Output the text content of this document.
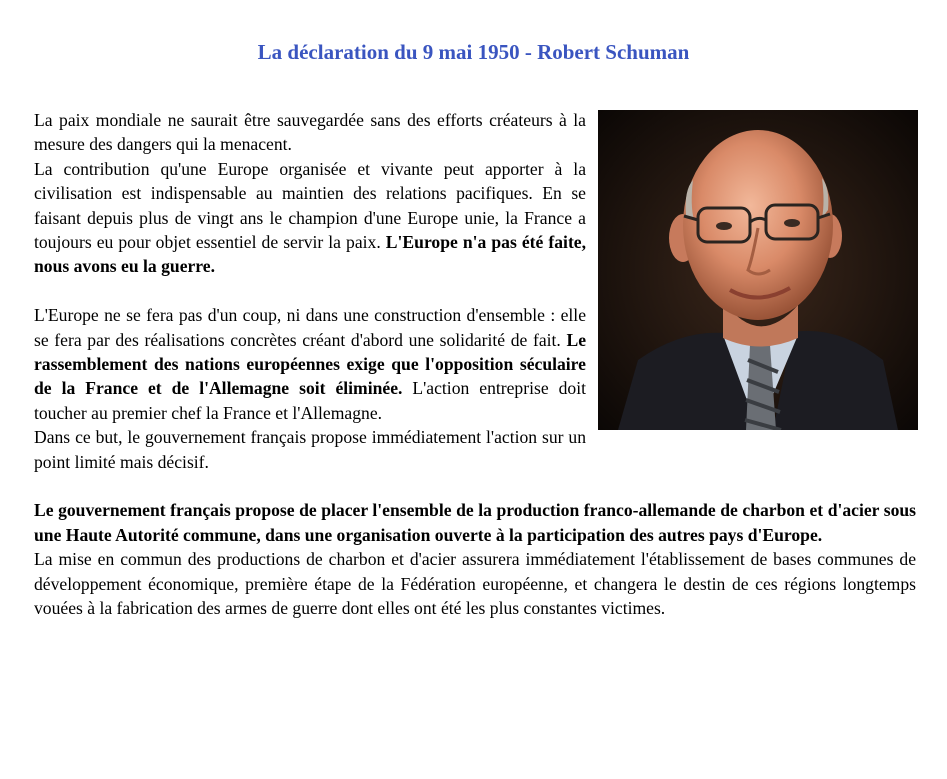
La déclaration du 9 mai 1950 - Robert Schuman

La paix mondiale ne saurait être sauvegardée sans des efforts créateurs à la mesure des dangers qui la menacent.

La contribution qu'une Europe organisée et vivante peut apporter à la civilisation est indispensable au maintien des relations pacifiques. En se faisant depuis plus de vingt ans le champion d'une Europe unie, la France a toujours eu pour objet essentiel de servir la paix. L'Europe n'a pas été faite, nous avons eu la guerre.

L'Europe ne se fera pas d'un coup, ni dans une construction d'ensemble : elle se fera par des réalisations concrètes créant d'abord une solidarité de fait. Le rassemblement des nations européennes exige que l'opposition séculaire de la France et de l'Allemagne soit éliminée. L'action entreprise doit toucher au premier chef la France et l'Allemagne.

Dans ce but, le gouvernement français propose immédiatement l'action sur un point limité mais décisif.

Le gouvernement français propose de placer l'ensemble de la production franco-allemande de charbon et d'acier sous une Haute Autorité commune, dans une organisation ouverte à la participation des autres pays d'Europe.

La mise en commun des productions de charbon et d'acier assurera immédiatement l'établissement de bases communes de développement économique, première étape de la Fédération européenne, et changera le destin de ces régions longtemps vouées à la fabrication des armes de guerre dont elles ont été les plus constantes victimes.
